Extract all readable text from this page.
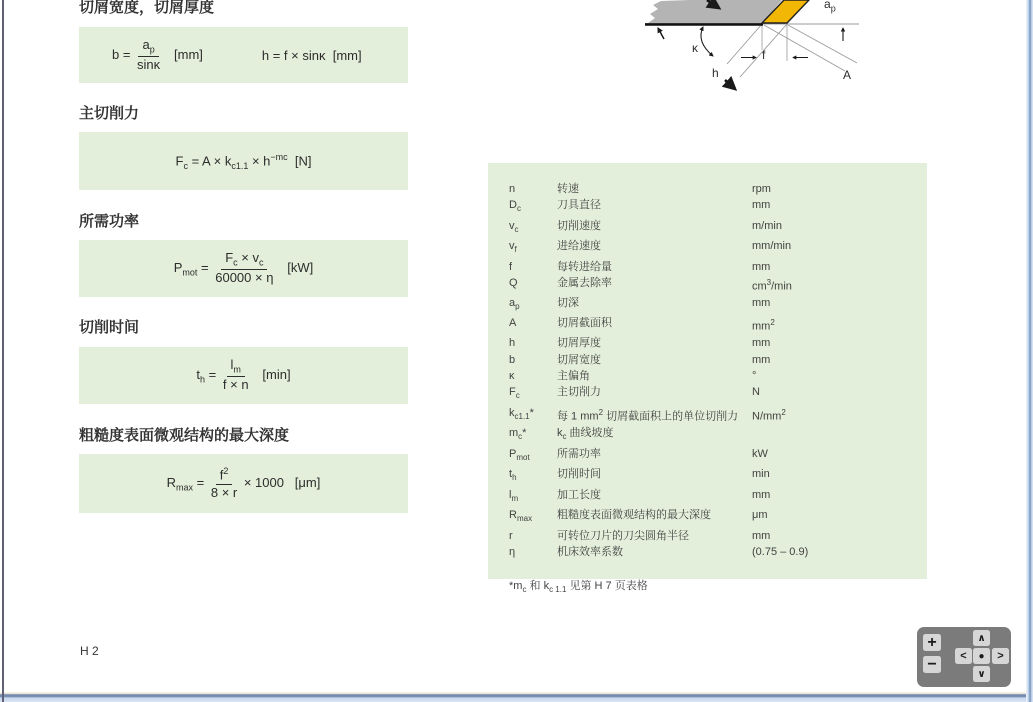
切屑宽度，切屑厚度
$b = \frac{a_p}{\sin\kappa} [mm]$	h = f × sinκ  [mm]
主切削力
$F_c = A \times k_{c1.1} \times h^{-mc}$  [N]
所需功率
$P_{mot} = \frac{F_c \times v_c}{60000 \times \eta} [kW]$
切削时间
$t_h = \frac{l_m}{f \times n} [\min]$
粗糙度表面微观结构的最大深度
$R_{max} = \frac{f^2}{8 \times r} \times 1000$   [μm]
$a_p$
κ	f
h	A
n	转速	rpm
$D_c$	刀具直径	mm
$v_c$	切削速度	m/min
$v_f$	进给速度	mm/min
f	每转进给量	mm
Q	金属去除率	$cm^3/\min$
$a_p$	切深	mm
A	切屑截面积	$mm^2$
h	切屑厚度	mm
b	切屑宽度	mm
κ	主偏角	°
$F_c$	主切削力	N
$k_{c1.1}*$	每 1 $mm^2$ 切屑截面积上的单位切削力	$N/mm^2$
$m_c*$	$k_c$ 曲线坡度
$P_{mot}$	所需功率	kW
$t_h$	切削时间	min
$l_m$	加工长度	mm
$R_{max}$	粗糙度表面微观结构的最大深度	μm
r	可转位刀片的刀尖圆角半径	mm
η	机床效率系数	(0.75 – 0.9)
$*m_c$ 和 $k_{c 1.1}$ 见第 H 7 页表格
H 2
+
−
∧
<	●	>
∨
